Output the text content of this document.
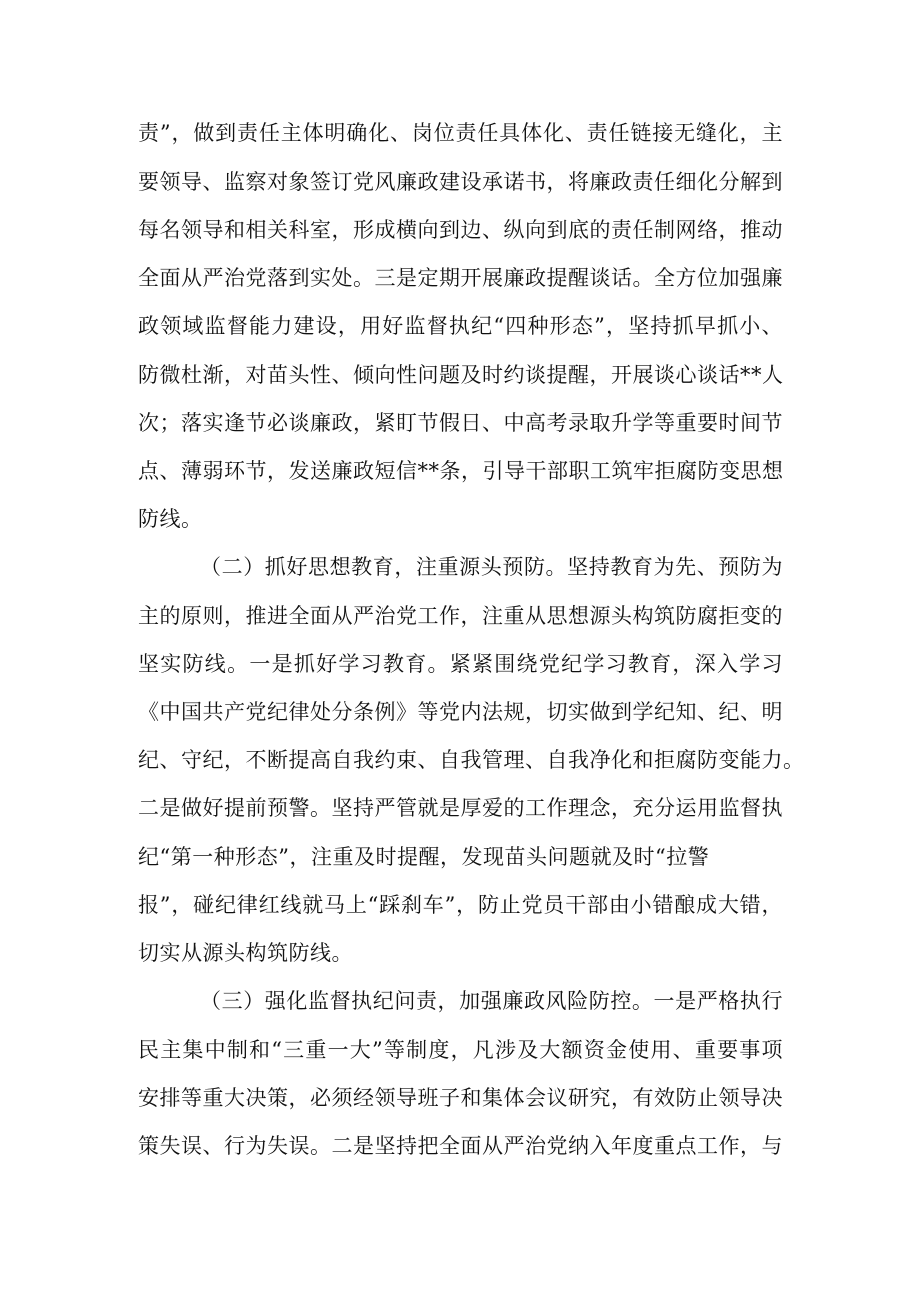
责”，做到责任主体明确化、岗位责任具体化、责任链接无缝化，主
要领导、监察对象签订党风廉政建设承诺书，将廉政责任细化分解到
每名领导和相关科室，形成横向到边、纵向到底的责任制网络，推动
全面从严治党落到实处。三是定期开展廉政提醒谈话。全方位加强廉
政领域监督能力建设，用好监督执纪“四种形态”，坚持抓早抓小、
防微杜渐，对苗头性、倾向性问题及时约谈提醒，开展谈心谈话**人
次；落实逢节必谈廉政，紧盯节假日、中高考录取升学等重要时间节
点、薄弱环节，发送廉政短信**条，引导干部职工筑牢拒腐防变思想
防线。
（二）抓好思想教育，注重源头预防。坚持教育为先、预防为
主的原则，推进全面从严治党工作，注重从思想源头构筑防腐拒变的
坚实防线。一是抓好学习教育。紧紧围绕党纪学习教育，深入学习
《中国共产党纪律处分条例》等党内法规，切实做到学纪知、纪、明
纪、守纪，不断提高自我约束、自我管理、自我净化和拒腐防变能力。
二是做好提前预警。坚持严管就是厚爱的工作理念，充分运用监督执
纪“第一种形态”，注重及时提醒，发现苗头问题就及时“拉警
报”，碰纪律红线就马上“踩刹车”，防止党员干部由小错酿成大错，
切实从源头构筑防线。
（三）强化监督执纪问责，加强廉政风险防控。一是严格执行
民主集中制和“三重一大”等制度，凡涉及大额资金使用、重要事项
安排等重大决策，必须经领导班子和集体会议研究，有效防止领导决
策失误、行为失误。二是坚持把全面从严治党纳入年度重点工作，与
